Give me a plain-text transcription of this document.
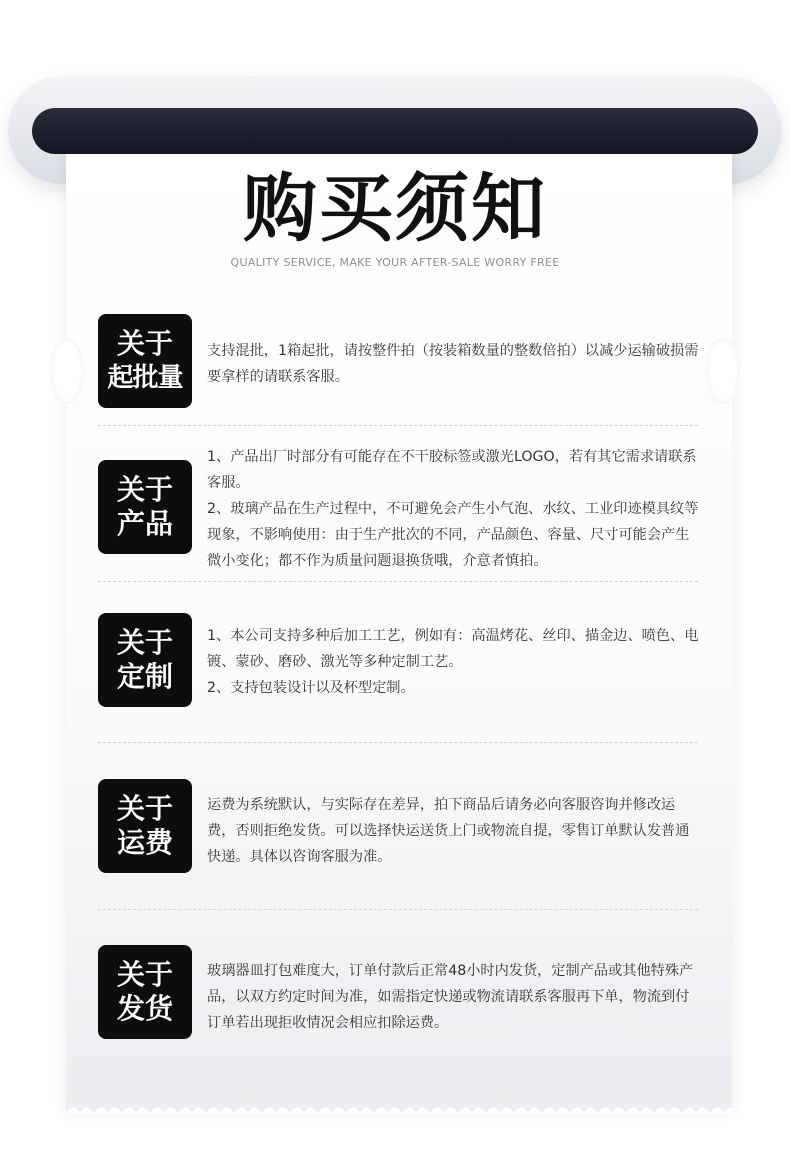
购买须知
QUALITY SERVICE, MAKE YOUR AFTER-SALE WORRY FREE
关于
起批量

支持混批，1箱起批，请按整件拍（按装箱数量的整数倍拍）以减少运输破损需要拿样的请联系客服。

关于
产品

1、产品出厂时部分有可能存在不干胶标签或激光LOGO，若有其它需求请联系客服。

2、玻璃产品在生产过程中，不可避免会产生小气泡、水纹、工业印迹模具纹等现象，不影响使用：由于生产批次的不同，产品颜色、容量、尺寸可能会产生微小变化；都不作为质量问题退换货哦，介意者慎拍。

关于
定制

1、本公司支持多种后加工工艺，例如有：高温烤花、丝印、描金边、喷色、电镀、蒙砂、磨砂、激光等多种定制工艺。

2、支持包装设计以及杯型定制。

关于
运费

运费为系统默认，与实际存在差异，拍下商品后请务必向客服咨询并修改运费，否则拒绝发货。可以选择快运送货上门或物流自提，零售订单默认发普通快递。具体以咨询客服为准。

关于
发货

玻璃器皿打包难度大，订单付款后正常48小时内发货，定制产品或其他特殊产品，以双方约定时间为准，如需指定快递或物流请联系客服再下单，物流到付订单若出现拒收情况会相应扣除运费。
